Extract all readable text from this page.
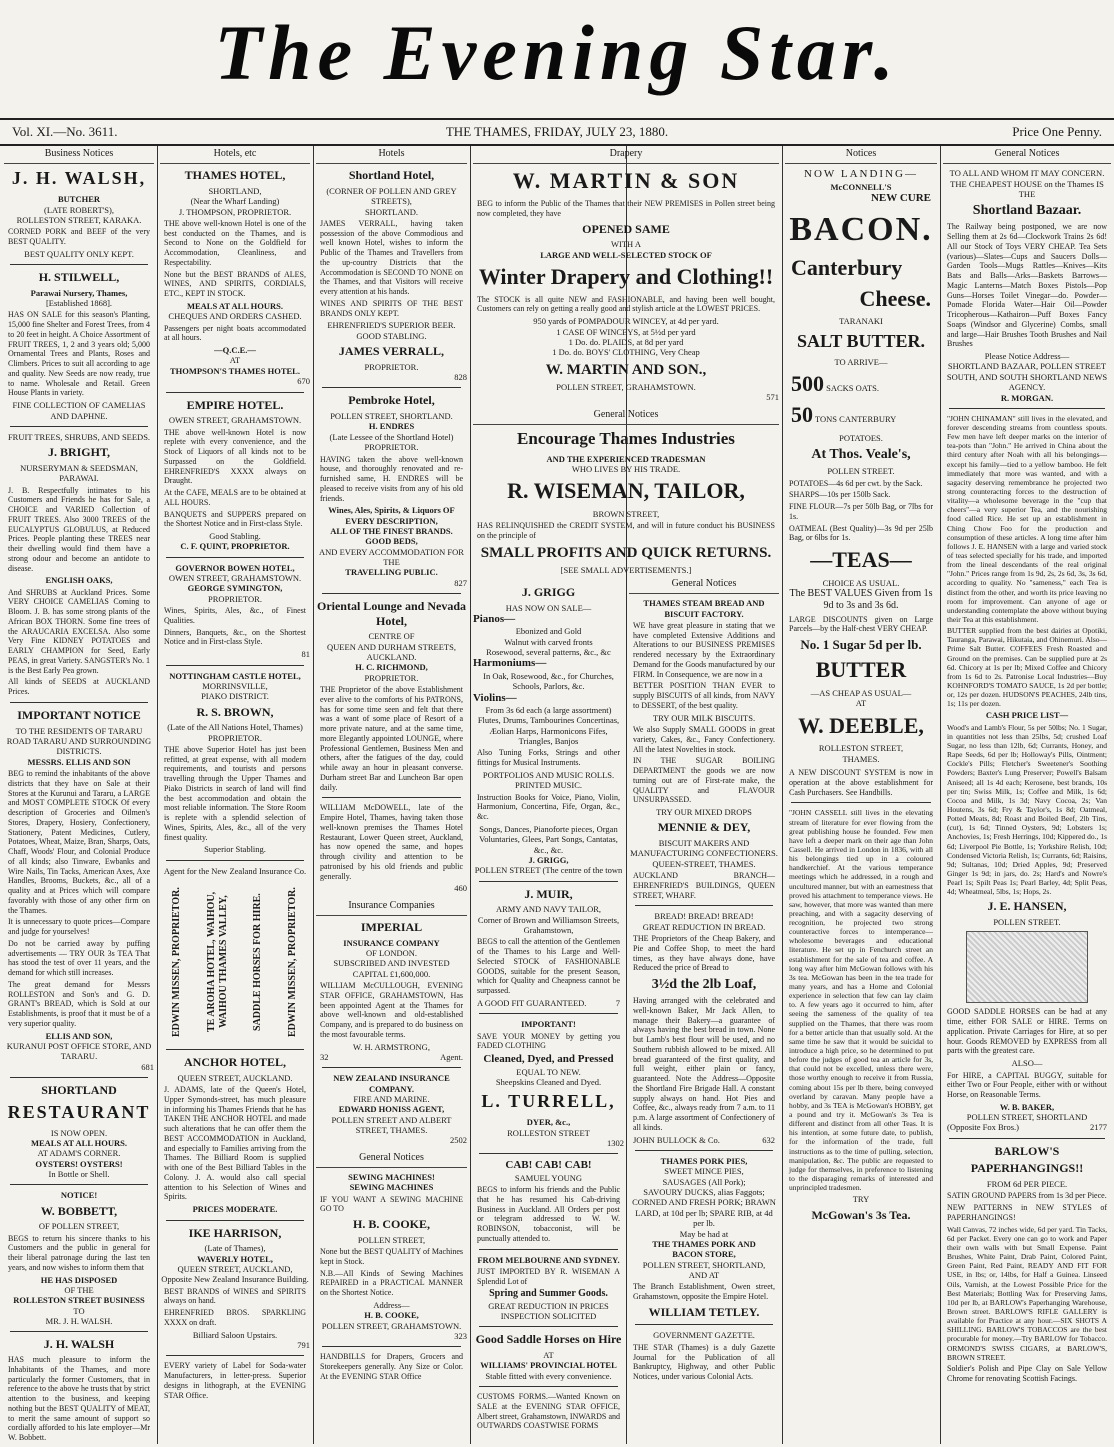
The Evening Star.
Vol. XI.—No. 3611.	THE THAMES, FRIDAY, JULY 23, 1880.	Price One Penny.
Business Notices
J. H. WALSH,
BUTCHER
(LATE ROBERT'S),
ROLLESTON STREET, KARAKA.
CORNED PORK and BEEF of the very BEST QUALITY.
BEST QUALITY ONLY KEPT.
H. STILWELL,
Parawai Nursery, Thames,
[Established 1868].
HAS ON SALE for this season's Planting, 15,000 fine Shelter and Forest Trees, from 4 to 20 feet in height. A Choice Assortment of FRUIT TREES, 1, 2 and 3 years old; 5,000 Ornamental Trees and Plants, Roses and Climbers. Prices to suit all according to age and quality. New Seeds are now ready, true to name. Wholesale and Retail. Green House Plants in variety.
FINE COLLECTION OF CAMELIAS AND DAPHNE.
FRUIT TREES, SHRUBS, AND SEEDS.
J. BRIGHT,
NURSERYMAN & SEEDSMAN,
PARAWAI.
J. B. Respectfully intimates to his Customers and Friends he has for Sale, a CHOICE and VARIED Collection of FRUIT TREES. Also 3000 TREES of the EUCALYPTUS GLOBULUS, at Reduced Prices. People planting these TREES near their dwelling would find them have a strong odour and become an antidote to disease.
ENGLISH OAKS,
And SHRUBS at Auckland Prices. Some VERY CHOICE CAMELIAS Coming to Bloom. J. B. has some strong plants of the African BOX THORN. Some fine trees of the ARAUCARIA EXCELSA. Also some Very Fine KIDNEY POTATOES and EARLY CHAMPION for Seed, Early PEAS, in great Variety. SANGSTER's No. 1 is the Best Early Pea grown.
All kinds of SEEDS at AUCKLAND Prices.
IMPORTANT NOTICE
TO THE RESIDENTS OF TARARU ROAD TARARU AND SURROUNDING DISTRICTS.
MESSRS. ELLIS AND SON
BEG to remind the inhabitants of the above districts that they have on Sale at their Stores at the Kurunui and Tararu, a LARGE and MOST COMPLETE STOCK Of every description of Groceries and Oilmen's Stores, Drapery, Hosiery, Confectionery, Stationery, Patent Medicines, Cutlery, Potatoes, Wheat, Maize, Bran, Sharps, Oats, Chaff, Woods' Flour, and Colonial Produce of all kinds; also Tinware, Ewbanks and Wire Nails, Tin Tacks, American Axes, Axe Handles, Brooms, Buckets, &c., all of a quality and at Prices which will compare favorably with those of any other firm on the Thames.
It is unnecessary to quote prices—Compare and judge for yourselves!
Do not be carried away by puffing advertisements — TRY OUR 3s TEA That has stood the test of over 11 years, and the demand for which still increases.
The great demand for Messrs ROLLESTON and Son's and G. D. GRANT's BREAD, which is Sold at our Establishments, is proof that it must be of a very superior quality.
ELLIS AND SON,
KURANUI POST OFFICE STORE, AND TARARU.
681
SHORTLAND
RESTAURANT
IS NOW OPEN.
MEALS AT ALL HOURS.
AT ADAM'S CORNER.
OYSTERS! OYSTERS!
In Bottle or Shell.
NOTICE!
W. BOBBETT,
OF POLLEN STREET,
BEGS to return his sincere thanks to his Customers and the public in general for their liberal patronage during the last ten years, and now wishes to inform them that
HE HAS DISPOSED
OF THE
ROLLESTON STREET BUSINESS
TO
MR. J. H. WALSH.
J. H. WALSH
HAS much pleasure to inform the Inhabitants of the Thames, and more particularly the former Customers, that in reference to the above he trusts that by strict attention to the business, and keeping nothing but the BEST QUALITY of MEAT, to merit the same amount of support so cordially afforded to his late employer—Mr W. Bobbett.
Hotels, etc
THAMES HOTEL,
SHORTLAND,
(Near the Wharf Landing)
J. THOMPSON, PROPRIETOR.
THE above well-known Hotel is one of the best conducted on the Thames, and is Second to None on the Goldfield for Accommodation, Cleanliness, and Respectability.
None but the BEST BRANDS of ALES, WINES, AND SPIRITS, CORDIALS, ETC., KEPT IN STOCK.
MEALS AT ALL HOURS.
CHEQUES AND ORDERS CASHED.
Passengers per night boats accommodated at all hours.
—Q.C.E.—
AT
THOMPSON'S THAMES HOTEL.
670
EMPIRE HOTEL.
OWEN STREET, GRAHAMSTOWN.
THE above well-known Hotel is now replete with every convenience, and the Stock of Liquors of all kinds not to be Surpassed on the Goldfield. EHRENFRIED'S XXXX always on Draught.
At the CAFE, MEALS are to be obtained at ALL HOURS.
BANQUETS and SUPPERS prepared on the Shortest Notice and in First-class Style.
Good Stabling.
C. F. QUINT, PROPRIETOR.
GOVERNOR BOWEN HOTEL,
OWEN STREET, GRAHAMSTOWN.
GEORGE SYMINGTON,
PROPRIETOR.
Wines, Spirits, Ales, &c., of Finest Qualities.
Dinners, Banquets, &c., on the Shortest Notice and in First-class Style.
81
NOTTINGHAM CASTLE HOTEL,
MORRINSVILLE,
PIAKO DISTRICT.
R. S. BROWN,
(Late of the All Nations Hotel, Thames) PROPRIETOR.
THE above Superior Hotel has just been refitted, at great expense, with all modern requirements, and tourists and persons travelling through the Upper Thames and Piako Districts in search of land will find the best accommodation and obtain the most reliable information. The Store Room is replete with a splendid selection of Wines, Spirits, Ales, &c., all of the very finest quality.
Superior Stabling.
Agent for the New Zealand Insurance Co.
EDWIN MISSEN, PROPRIETOR. TE AROHA HOTEL, WAIHOU, WAIHOU THAMES VALLEY, SADDLE HORSES FOR HIRE. EDWIN MISSEN, PROPRIETOR.
ANCHOR HOTEL,
QUEEN STREET, AUCKLAND.
J. ADAMS, late of the Queen's Hotel, Upper Symonds-street, has much pleasure in informing his Thames Friends that he has TAKEN THE ANCHOR HOTEL and made such alterations that he can offer them the BEST ACCOMMODATION in Auckland, and especially to Families arriving from the Thames. The Billiard Room is supplied with one of the Best Billiard Tables in the Colony. J. A. would also call special attention to his Selection of Wines and Spirits.
PRICES MODERATE.
IKE HARRISON,
(Late of Thames),
WAVERLY HOTEL,
QUEEN STREET, AUCKLAND,
Opposite New Zealand Insurance Building.
BEST BRANDS of WINES and SPIRITS always on hand.
EHRENFRIED BROS. SPARKLING XXXX on draft.
Billiard Saloon Upstairs.
791
EVERY variety of Label for Soda-water Manufacturers, in letter-press. Superior designs in lithograph, at the EVENING STAR Office.
Hotels
Shortland Hotel,
(CORNER OF POLLEN AND GREY STREETS),
SHORTLAND.
JAMES VERRALL, having taken possession of the above Commodious and well known Hotel, wishes to inform the Public of the Thames and Travellers from the up-country Districts that the Accommodation is SECOND TO NONE on the Thames, and that Visitors will receive every attention at his hands.
WINES AND SPIRITS OF THE BEST BRANDS ONLY KEPT.
EHRENFRIED'S SUPERIOR BEER.
GOOD STABLING.
JAMES VERRALL,
PROPRIETOR.
828
Pembroke Hotel,
POLLEN STREET, SHORTLAND.
H. ENDRES
(Late Lessee of the Shortland Hotel) PROPRIETOR.
HAVING taken the above well-known house, and thoroughly renovated and re-furnished same, H. ENDRES will be pleased to receive visits from any of his old friends.
Wines, Ales, Spirits, & Liquors OF EVERY DESCRIPTION,
ALL OF THE FINEST BRANDS.
GOOD BEDS,
AND EVERY ACCOMMODATION FOR THE
TRAVELLING PUBLIC.
827
Oriental Lounge and Nevada Hotel,
CENTRE OF
QUEEN AND DURHAM STREETS, AUCKLAND.
H. C. RICHMOND,
PROPRIETOR.
THE Proprietor of the above Establishment ever alive to the comforts of his PATRONS, has for some time seen and felt that there was a want of some place of Resort of a more private nature, and at the same time, more Elegantly appointed LOUNGE, where Professional Gentlemen, Business Men and others, after the fatigues of the day, could while away an hour in pleasant converse. Durham street Bar and Luncheon Bar open daily.
WILLIAM McDOWELL, late of the Empire Hotel, Thames, having taken those well-known premises the Thames Hotel Restaurant, Lower Queen street, Auckland, has now opened the same, and hopes through civility and attention to be patronised by his old friends and public generally.
460
Insurance Companies
IMPERIAL
INSURANCE COMPANY
OF LONDON.
SUBSCRIBED AND INVESTED
CAPITAL £1,600,000.
WILLIAM McCULLOUGH, EVENING STAR OFFICE, GRAHAMSTOWN, Has been appointed Agent at the Thames for above well-known and old-established Company, and is prepared to do business on the most favourable terms.
W. H. ARMSTRONG,
32	Agent.
NEW ZEALAND INSURANCE COMPANY.
FIRE AND MARINE.
EDWARD HONISS AGENT,
POLLEN STREET AND ALBERT STREET, THAMES.
2502
General Notices
SEWING MACHINES!
SEWING MACHINES
IF YOU WANT A SEWING MACHINE GO TO
H. B. COOKE,
POLLEN STREET,
None but the BEST QUALITY of Machines kept in Stock.
N.B.—All Kinds of Sewing Machines REPAIRED in a PRACTICAL MANNER on the Shortest Notice.
Address—
H. B. COOKE,
POLLEN STREET, GRAHAMSTOWN.
323
HANDBILLS for Drapers, Grocers and Storekeepers generally. Any Size or Color. At the EVENING STAR Office
Drapery
W. MARTIN & SON
BEG to inform the Public of the Thames that their NEW PREMISES in Pollen street being now completed, they have
OPENED SAME
WITH A
LARGE AND WELL-SELECTED STOCK OF
Winter Drapery and Clothing!!
The STOCK is all quite NEW and FASHIONABLE, and having been well bought, Customers can rely on getting a really good and stylish article at the LOWEST PRICES.
950 yards of POMPADOUR WINCEY, at 4d per yard.
1 CASE OF WINCEYS, at 5½d per yard
1 Do. do. PLAIDS, at 8d per yard
1 Do. do. BOYS' CLOTHING, Very Cheap
W. MARTIN AND SON.,
POLLEN STREET, GRAHAMSTOWN.
571
General Notices
Encourage Thames Industries
AND THE EXPERIENCED TRADESMAN
WHO LIVES BY HIS TRADE.
R. WISEMAN, TAILOR,
BROWN STREET,
HAS RELINQUISHED the CREDIT SYSTEM, and will in future conduct his BUSINESS on the principle of
SMALL PROFITS AND QUICK RETURNS.
[SEE SMALL ADVERTISEMENTS.]
J. GRIGG
HAS NOW ON SALE—
Pianos—
Ebonized and Gold
Walnut with carved fronts
Rosewood, several patterns, &c., &c
Harmoniums—
In Oak, Rosewood, &c., for Churches, Schools, Parlors, &c.
Violins—
From 3s 6d each (a large assortment)
Flutes, Drums, Tambourines Concertinas, Æolian Harps, Harmonicons Fifes, Triangles, Banjos
Also Tuning Forks, Strings and other fittings for Musical Instruments.
PORTFOLIOS AND MUSIC ROLLS.
PRINTED MUSIC.
Instruction Books for Voice, Piano, Violin, Harmonium, Concertina, Fife, Organ, &c., &c.
Songs, Dances, Pianoforte pieces, Organ Voluntaries, Glees, Part Songs, Cantatas, &c., &c.
J. GRIGG,
POLLEN STREET (The centre of the town
J. MUIR,
ARMY AND NAVY TAILOR,
Corner of Brown and Williamson Streets, Grahamstown,
BEGS to call the attention of the Gentlemen of the Thames to his Large and Well-Selected STOCK of FASHIONABLE GOODS, suitable for the present Season, which for Quality and Cheapness cannot be surpassed.
A GOOD FIT GUARANTEED.	7
IMPORTANT!
SAVE YOUR MONEY by getting you FADED CLOTHING
Cleaned, Dyed, and Pressed
EQUAL TO NEW.
Sheepskins Cleaned and Dyed.
L. TURRELL,
DYER, &c.,
ROLLESTON STREET
1302
CAB! CAB! CAB!
SAMUEL YOUNG
BEGS to inform his friends and the Public that he has resumed his Cab-driving Business in Auckland. All Orders per post or telegram addressed to W. W. ROBINSON, tobacconist, will be punctually attended to.
FROM MELBOURNE AND SYDNEY.
JUST IMPORTED BY R. WISEMAN A Splendid Lot of
Spring and Summer Goods.
GREAT REDUCTION IN PRICES INSPECTION SOLICITED
Good Saddle Horses on Hire
AT
WILLIAMS' PROVINCIAL HOTEL
Stable fitted with every convenience.
CUSTOMS FORMS.—Wanted Known on SALE at the EVENING STAR OFFICE, Albert street, Grahamstown, INWARDS and OUTWARDS COASTWISE FORMS
General Notices
THAMES STEAM BREAD AND BISCUIT FACTORY.
WE have great pleasure in stating that we have completed Extensive Additions and Alterations to our BUSINESS PREMISES rendered necessary by the Extraordinary Demand for the Goods manufactured by our FIRM. In Consequence, we are now in a
BETTER POSITION THAN EVER to supply BISCUITS of all kinds, from NAVY to DESSERT, of the best quality.
TRY OUR MILK BISCUITS.
We also Supply SMALL GOODS in great variety, Cakes, &c., Fancy Confectionery. All the latest Novelties in stock.
IN THE SUGAR BOILING DEPARTMENT the goods we are now turning out are of First-rate make, the QUALITY and FLAVOUR UNSURPASSED.
TRY OUR MIXED DROPS
MENNIE & DEY,
BISCUIT MAKERS AND MANUFACTURING CONFECTIONERS.
QUEEN-STREET, THAMES.
AUCKLAND BRANCH—EHRENFRIED'S BUILDINGS, QUEEN STREET, WHARF.
BREAD! BREAD! BREAD!
GREAT REDUCTION IN BREAD.
THE Proprietors of the Cheap Bakery, and Pie and Coffee Shop, to meet the hard times, as they have always done, have Reduced the price of Bread to
3½d the 2lb Loaf,
Having arranged with the celebrated and well-known Baker, Mr Jack Allen, to manage their Bakery—a guarantee of always having the best bread in town. None but Lamb's best flour will be used, and no Southern rubbish allowed to be mixed. All bread guaranteed of the first quality, and full weight, either plain or fancy, guaranteed. Note the Address—Opposite the Shortland Fire Brigade Hall. A constant supply always on hand. Hot Pies and Coffee, &c., always ready from 7 a.m. to 11 p.m. A large assortment of Confectionery of all kinds.
JOHN BULLOCK & Co.	632
THAMES PORK PIES,
SWEET MINCE PIES,
SAUSAGES (All Pork);
SAVOURY DUCKS, alias Faggots;
CORNED AND FRESH PORK; BRAWN
LARD, at 10d per lb; SPARE RIB, at 4d per lb.
May be had at
THE THAMES PORK AND
BACON STORE,
POLLEN STREET, SHORTLAND,
AND AT
The Branch Establishment, Owen street, Grahamstown, opposite the Empire Hotel.
WILLIAM TETLEY.
GOVERNMENT GAZETTE.
THE STAR (Thames) is a duly Gazette Journal for the Publication of all Bankruptcy, Highway, and other Public Notices, under various Colonial Acts.
Notices
NOW LANDING—
McCONNELL'S
NEW CURE
BACON.
Canterbury
Cheese.
TARANAKI
SALT BUTTER.
TO ARRIVE—
500 SACKS OATS.
50 TONS CANTERBURY
POTATOES.
At Thos. Veale's,
POLLEN STREET.
POTATOES—4s 6d per cwt. by the Sack.
SHARPS—10s per 150lb Sack.
FINE FLOUR—7s per 50lb Bag, or 7lbs for 1s.
OATMEAL (Best Quality)—3s 9d per 25lb Bag, or 6lbs for 1s.
—TEAS—
CHOICE AS USUAL.
The BEST VALUES Given from 1s 9d to 3s and 3s 6d.
LARGE DISCOUNTS given on Large Parcels—by the Half-chest VERY CHEAP.
No. 1 Sugar 5d per lb.
BUTTER
—AS CHEAP AS USUAL—
AT
W. DEEBLE,
ROLLESTON STREET,
THAMES.
A NEW DISCOUNT SYSTEM is now in operation at the above establishment for Cash Purchasers. See Handbills.
"JOHN CASSELL still lives in the elevating stream of literature for ever flowing from the great publishing house he founded. Few men have left a deeper mark on their age than John Cassell. He arrived in London in 1836, with all his belongings tied up in a coloured handkerchief. At the various temperance meetings which he addressed, in a rough and uncultured manner, but with an earnestness that proved his attachment to temperance views. He saw, however, that more was wanted than mere preaching, and with a sagacity deserving of recognition, he projected two strong counteractive forces to intemperance—wholesome beverages and educational literature. He set up in Fenchurch street an establishment for the sale of tea and coffee. A long way after him McGowan follows with his 3s tea. McGowan has been in the tea trade for many years, and has a Home and Colonial experience in selection that few can lay claim to. A few years ago it occurred to him, after seeing the sameness of the quality of tea supplied on the Thames, that there was room for a better article than that usually sold. At the same time he saw that it would be suicidal to introduce a high price, so he determined to put before the judges of good tea an article for 3s, that could not be excelled, unless there were, those worthy enough to receive it from Russia, coming about 15s per lb there, being conveyed overland by caravan. Many people have a hobby, and 3s TEA is McGowan's HOBBY, get a pound and try it. McGowan's 3s Tea is different and distinct from all other Teas. It is his intention, at some future date, to publish, for the information of the trade, full instructions as to the time of pulling, selection, manipulation, &c. The public are requested to judge for themselves, in preference to listening to the disparaging remarks of interested and unprincipled tradesmen.
TRY
McGowan's 3s Tea.
General Notices
TO ALL AND WHOM IT MAY CONCERN.
THE CHEAPEST HOUSE on the Thames IS THE
Shortland Bazaar.
The Railway being postponed, we are now Selling them at 2s 6d—Clockwork Trains 2s 6d! All our Stock of Toys VERY CHEAP. Tea Sets (various)—Slates—Cups and Saucers Dolls—Garden Tools—Mugs Rattles—Knives—Kits Bats and Balls—Arks—Baskets Barrows—Magic Lanterns—Match Boxes Pistols—Pop Guns—Horses Toilet Vinegar—do. Powder—Pomade Florida Water—Hair Oil—Powder Tricopherous—Kathairon—Puff Boxes Fancy Soaps (Windsor and Glycerine) Combs, small and large—Hair Brushes Tooth Brushes and Nail Brushes
Please Notice Address—
SHORTLAND BAZAAR, POLLEN STREET SOUTH, AND SOUTH SHORTLAND NEWS AGENCY.
R. MORGAN.
"JOHN CHINAMAN" still lives in the elevated, and forever descending streams from countless spouts. Few men have left deeper marks on the interior of tea-pots than "John." He arrived in China about the third century after Noah with all his belongings—except his family—tied to a yellow bamboo. He felt immediately that more was wanted, and with a sagacity deserving remembrance he projected two strong counteracting forces to the destruction of vitality—a wholesome beverage in the "cup that cheers"—a very superior Tea, and the nourishing food called Rice. He set up an establishment in Ching Chow Foo for the production and consumption of these articles. A long time after him follows J. E. HANSEN with a large and varied stock of teas selected specially for his trade, and imported from the lineal descendants of the real original "John." Prices range from 1s 9d, 2s, 2s 6d, 3s, 3s 6d, according to quality. No "sameness," each Tea is distinct from the other, and worth its price leaving no room for improvement. Can anyone of age or understanding contemplate the above without buying their Tea at this establishment.
BUTTER supplied from the best dairies at Opotiki, Tauranga, Parawai, Hikutaia, and Ohinemuri. Also—Prime Salt Butter. COFFEES Fresh Roasted and Ground on the premises. Can be supplied pure at 2s 6d. Chicory at 1s per lb; Mixed Coffee and Chicory from 1s 6d to 2s. Patronise Local Industries—Buy KOHNFORD'S TOMATO SAUCE, 1s 2d per bottle; or, 12s per dozen. HUDSON'S PEACHES, 24lb tins, 1s; 11s per dozen.
CASH PRICE LIST—
Wood's and Lamb's Flour, 5s per 50lbs; No. 1 Sugar, in quantities not less than 25lbs, 5d; crushed Loaf Sugar, no less than 12lb, 6d; Currants, Honey, and Rape Seeds, 6d per lb; Holloway's Pills, Ointment; Cockle's Pills; Fletcher's Sweetener's Soothing Powders; Baxter's Lung Preserver; Powell's Balsam Aniseed; all 1s 4d each; Kerosene, best brands, 10s per tin; Swiss Milk, 1s; Coffee and Milk, 1s 6d; Cocoa and Milk, 1s 3d; Navy Cocoa, 2s; Van Houtens, 3s 6d; Fry & Taylor's, 1s 8d; Oatmeal, Potted Meats, 8d; Roast and Boiled Beef, 2lb Tins, (cut), 1s 6d; Tinned Oysters, 9d; Lobsters 1s; Anchovies, 1s; Fresh Herrings, 10d; Kippered do., 1s 6d; Liverpool Pie Bottle, 1s; Yorkshire Relish, 10d; Condensed Victoria Relish, 1s; Currants, 6d; Raisins, 9d; Sultanas, 10d; Dried Apples, 9d; Preserved Ginger 1s 9d; in jars, do. 2s; Hard's and Nowre's Pearl 1s; Spilt Peas 1s; Pearl Barley, 4d; Split Peas, 4d; Wheatmeal, 5lbs, 1s; Hops, 2s.
J. E. HANSEN,
POLLEN STREET.
GOOD SADDLE HORSES can be had at any time, either FOR SALE or HIRE. Terms on application. Private Carriages for Hire, at so per hour. Goods REMOVED by EXPRESS from all parts with the greatest care.
ALSO—
For HIRE, a CAPITAL BUGGY, suitable for either Two or Four People, either with or without Horse, on Reasonable Terms.
W. B. BAKER,
POLLEN STREET, SHORTLAND
(Opposite Fox Bros.)	2177
BARLOW'S
PAPERHANGINGS!!
FROM 6d PER PIECE.
SATIN GROUND PAPERS from 1s 3d per Piece.
NEW PATTERNS in NEW STYLES of PAPERHANGINGS!
Wall Canvas, 72 inches wide, 6d per yard. Tin Tacks, 6d per Packet. Every one can go to work and Paper their own walls with but Small Expense. Paint Brushes, White Paint, Drab Paint, Colored Paint, Green Paint, Red Paint, READY AND FIT FOR USE, in lbs; or, 14lbs, for Half a Guinea. Linseed Oils, Varnish, at the Lowest Possible Price for the Best Materials; Bottling Wax for Preserving Jams, 10d per lb, at BARLOW's Paperhanging Warehouse, Brown street. BARLOW'S RIFLE GALLERY is available for Practice at any hour.—SIX SHOTS A SHILLING. BARLOW'S TOBACCOS are the best procurable for money.—Try BARLOW for Tobacco. ORMOND'S SWISS CIGARS, at BARLOW'S, BROWN STREET.
Soldier's Polish and Pipe Clay on Sale Yellow Chrome for renovating Scottish Facings.
